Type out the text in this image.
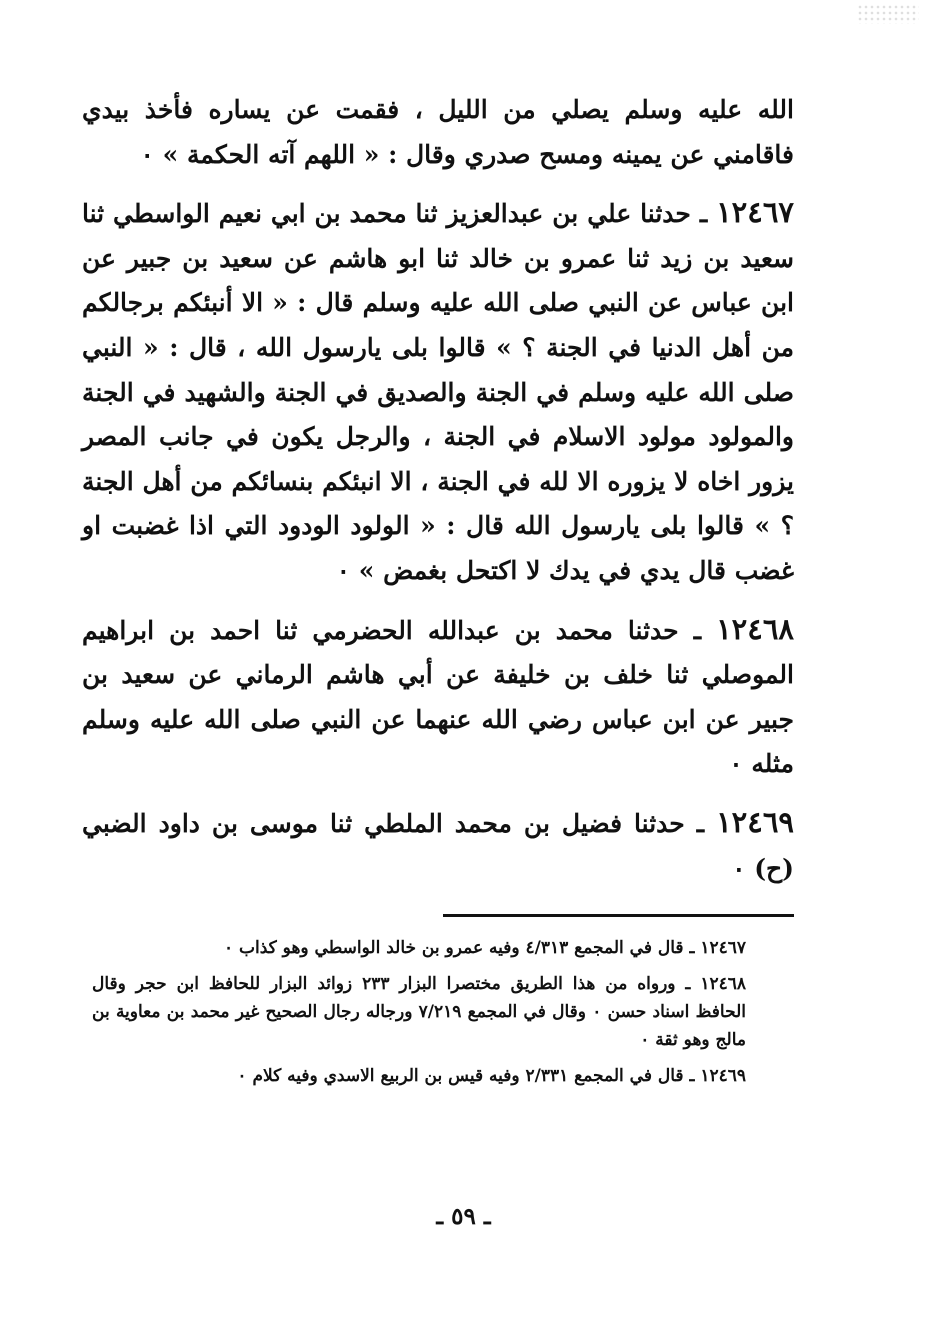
الله عليه وسلم يصلي من الليل ، فقمت عن يساره فأخذ بيدي فاقامني عن يمينه ومسح صدري وقال : « اللهم آته الحكمة » ٠

١٢٤٦٧ ـ حدثنا علي بن عبدالعزيز ثنا محمد بن ابي نعيم الواسطي ثنا سعيد بن زيد ثنا عمرو بن خالد ثنا ابو هاشم عن سعيد بن جبير عن ابن عباس عن النبي صلى الله عليه وسلم قال : « الا أنبئكم برجالكم من أهل الدنيا في الجنة ؟ » قالوا بلى يارسول الله ، قال : « النبي صلى الله عليه وسلم في الجنة والصديق في الجنة والشهيد في الجنة والمولود مولود الاسلام في الجنة ، والرجل يكون في جانب المصر يزور اخاه لا يزوره الا لله في الجنة ، الا انبئكم بنسائكم من أهل الجنة ؟ » قالوا بلى يارسول الله قال : « الولود الودود التي اذا غضبت او غضب قال يدي في يدك لا اكتحل بغمض » ٠

١٢٤٦٨ ـ حدثنا محمد بن عبدالله الحضرمي ثنا احمد بن ابراهيم الموصلي ثنا خلف بن خليفة عن أبي هاشم الرماني عن سعيد بن جبير عن ابن عباس رضي الله عنهما عن النبي صلى الله عليه وسلم مثله ٠

١٢٤٦٩ ـ حدثنا فضيل بن محمد الملطي ثنا موسى بن داود الضبي (ح) ٠

١٢٤٦٧ ـ قال في المجمع ٤/٣١٣ وفيه عمرو بن خالد الواسطي وهو كذاب ٠

١٢٤٦٨ ـ ورواه من هذا الطريق مختصرا البزار ٢٣٣ زوائد البزار للحافظ ابن حجر وقال الحافظ اسناد حسن ٠ وقال في المجمع ٧/٢١٩ ورجاله رجال الصحيح غير محمد بن معاوية بن مالج وهو ثقة ٠

١٢٤٦٩ ـ قال في المجمع ٢/٣٣١ وفيه قيس بن الربيع الاسدي وفيه كلام ٠

ـ ٥٩ ـ
